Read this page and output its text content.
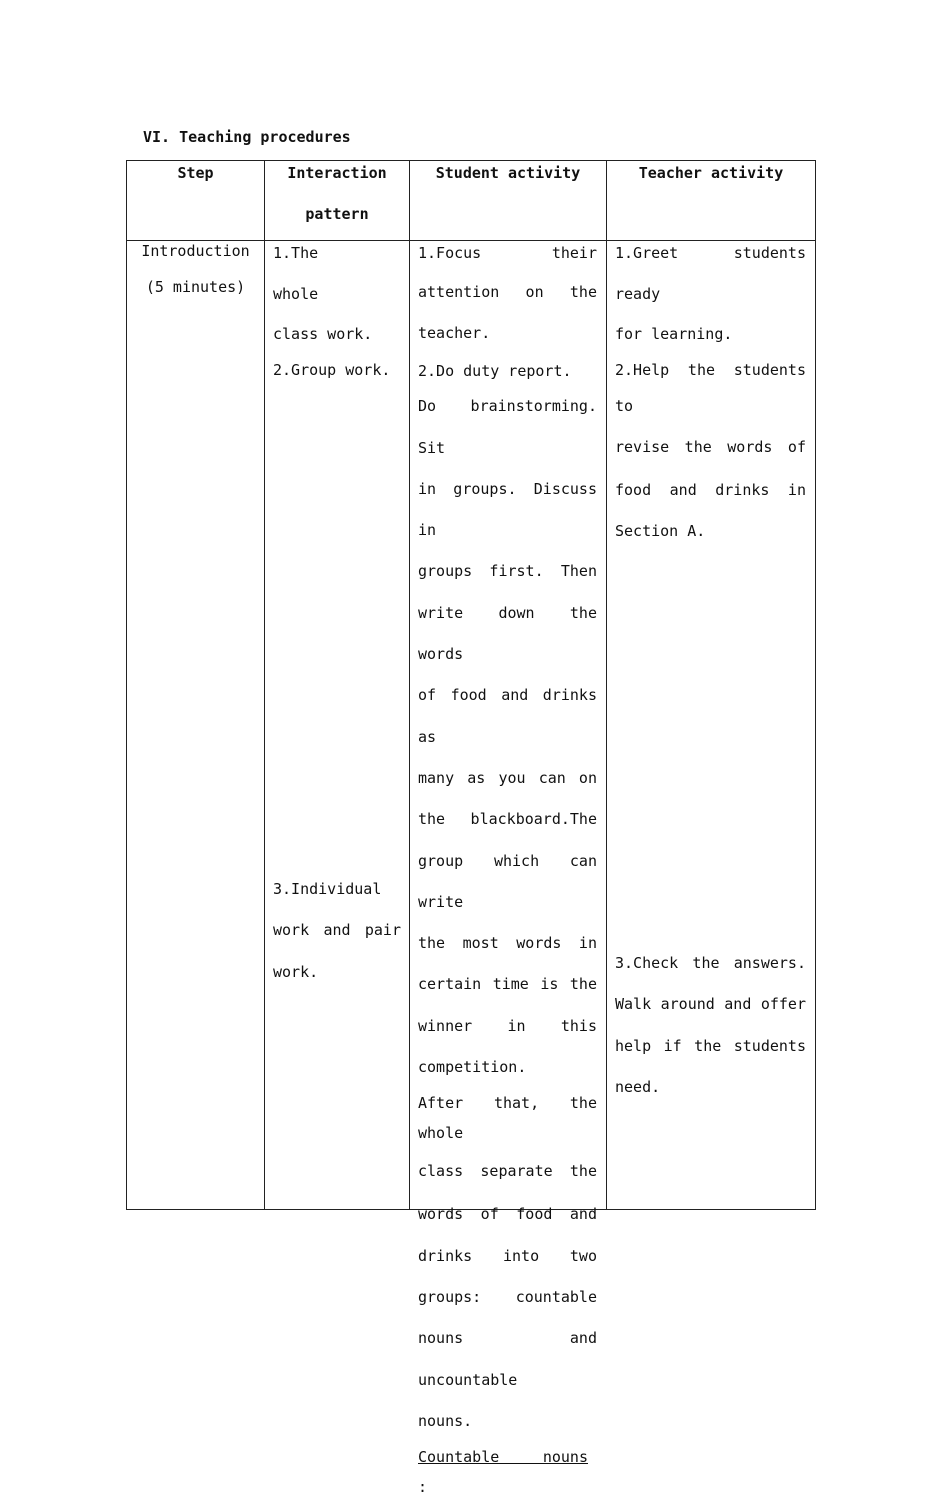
VI. Teaching procedures
Step	Interaction
pattern
Student activity	Teacher activity
Introduction
(5 minutes)
1.The whole
class work.
2.Group work.
3.Individual
work and pair
work.
1.Focus their
attention on the
teacher.
2.Do duty report.
Do brainstorming. Sit
in groups. Discuss in
groups first. Then
write down the words
of food and drinks as
many as you can on
the blackboard.The
group which can write
the most words in
certain time is the
winner in this
competition.
After that, the whole
class separate the
words of food and
drinks into two
groups: countable
nouns and uncountable
nouns.
Countable nouns:
1.Greet students ready
for learning.
2.Help the students to
revise the words of
food and drinks in
Section A.
3.Check the answers.
Walk around and offer
help if the students
need.
